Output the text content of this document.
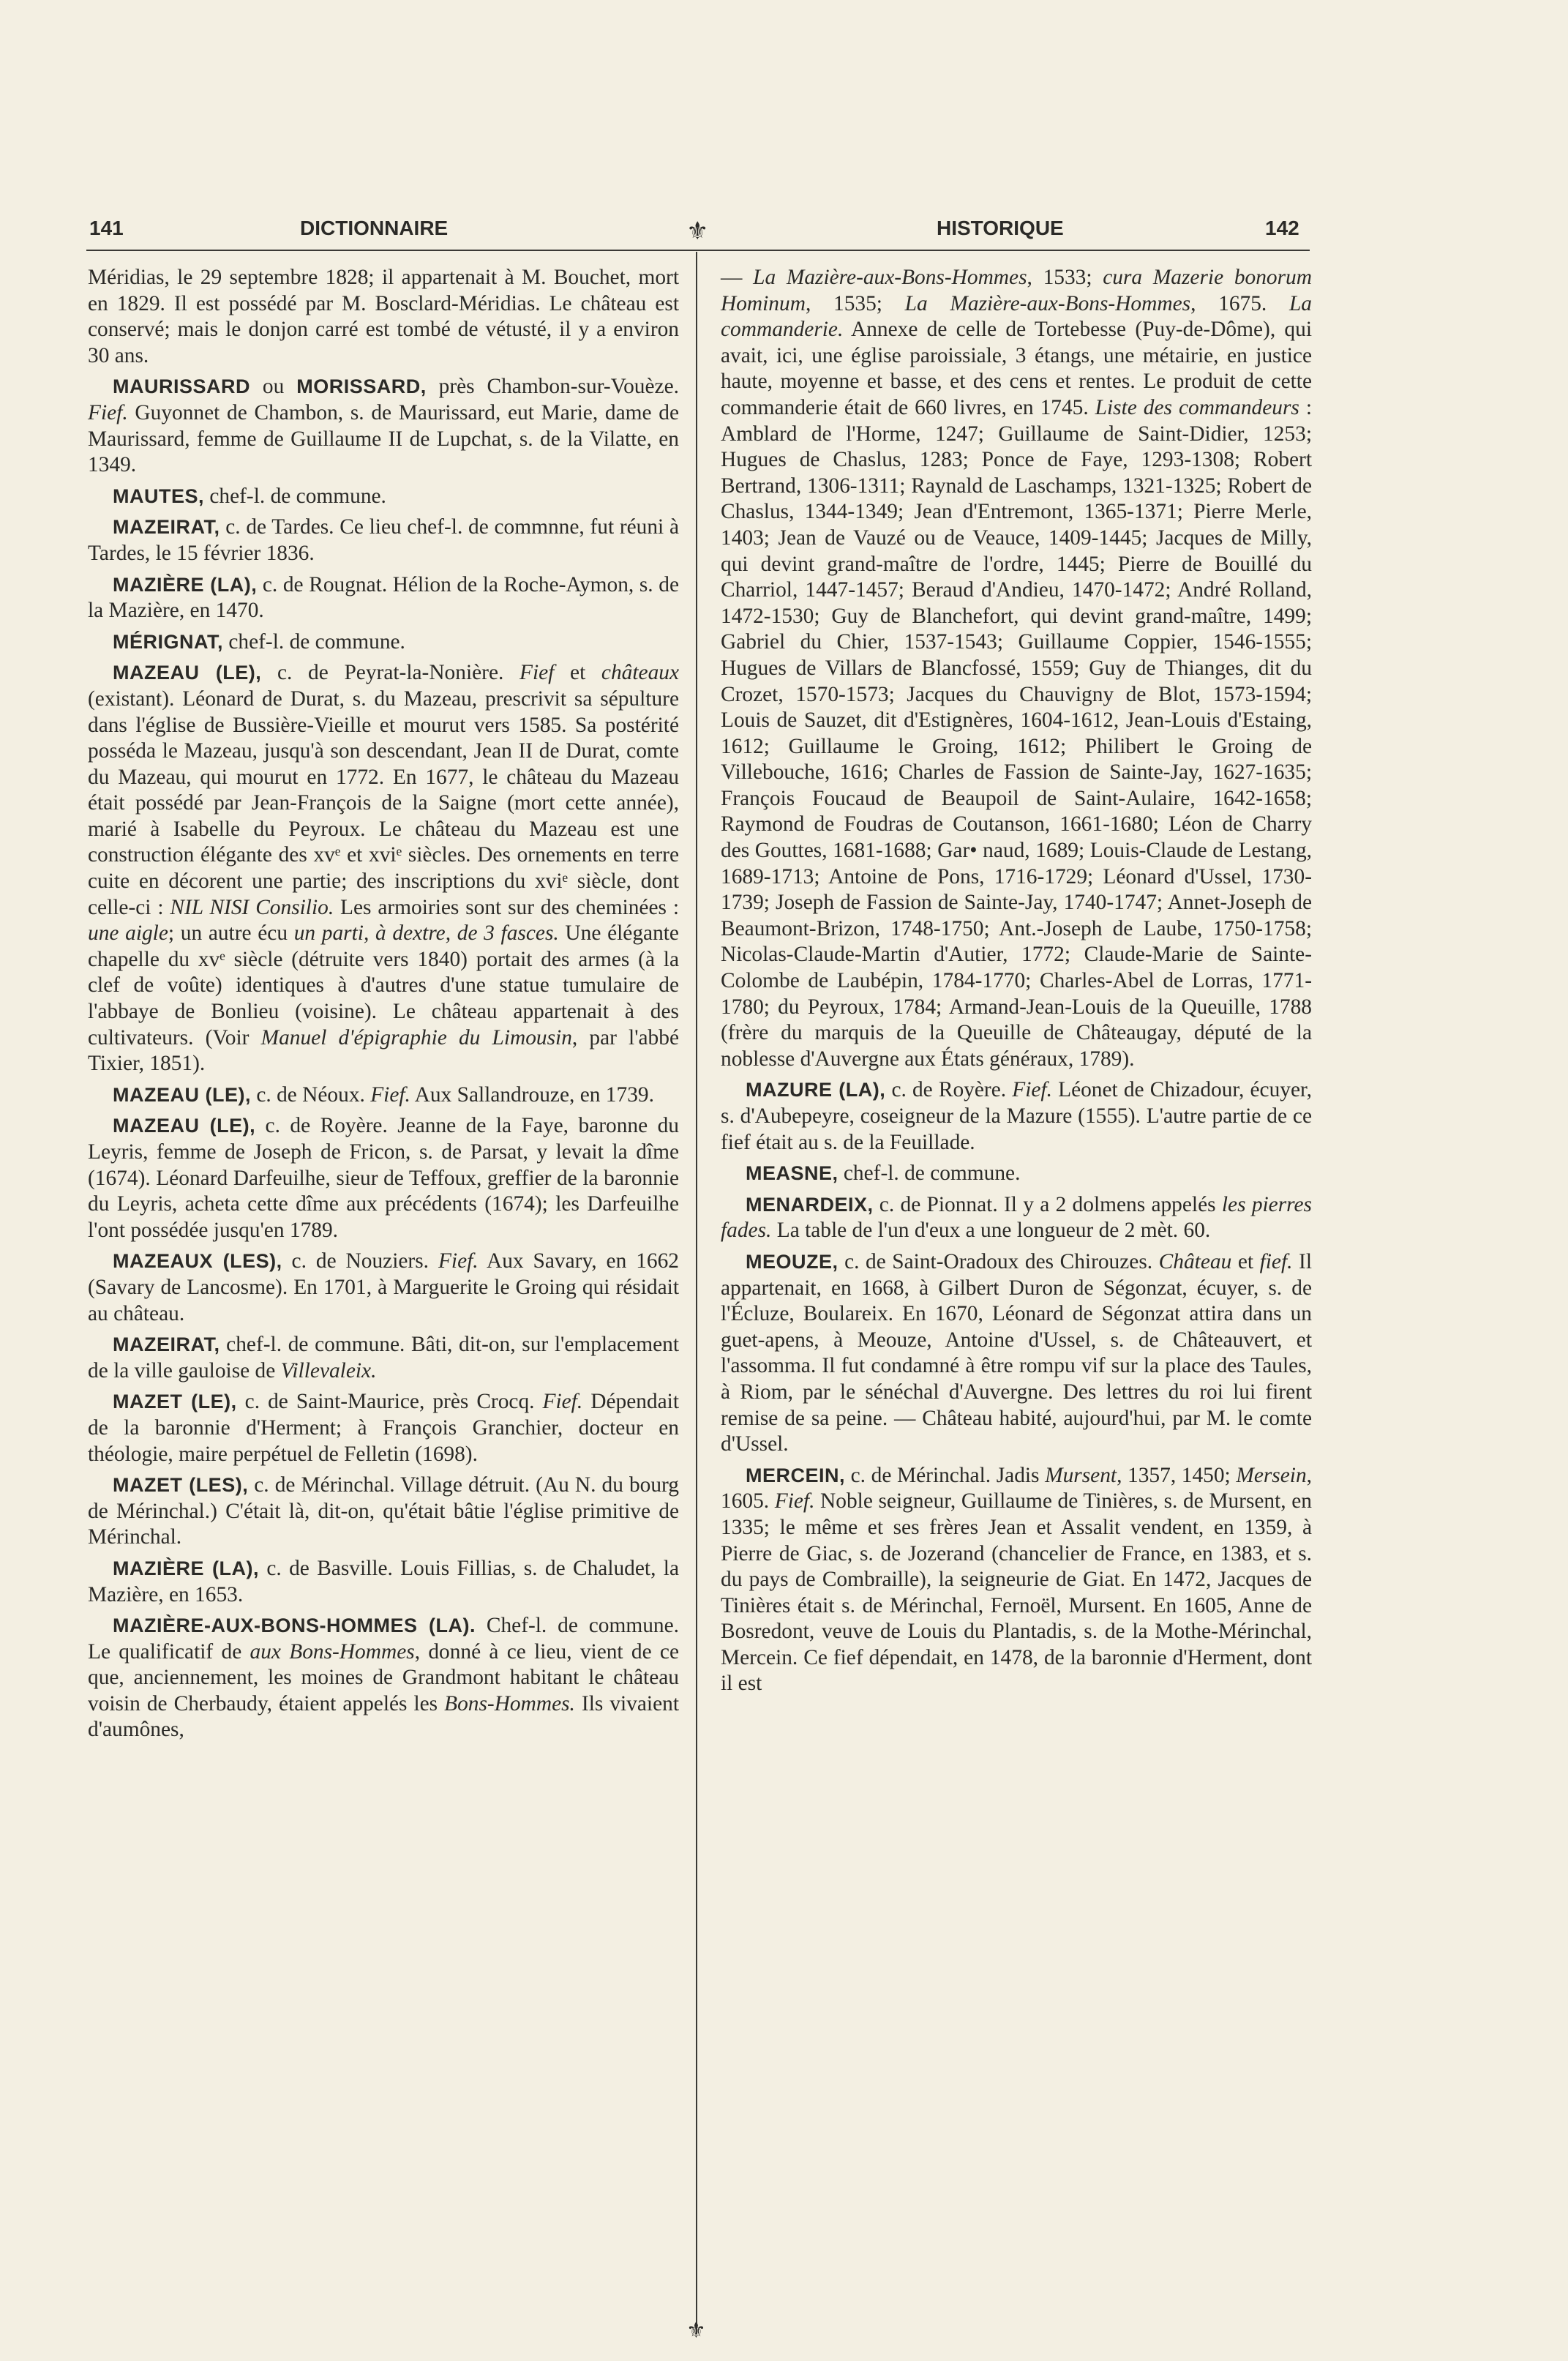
141	DICTIONNAIRE	HISTORIQUE	142
⚜
⚜

Méridias, le 29 septembre 1828; il appartenait à M. Bouchet, mort en 1829. Il est possédé par M. Bosclard-Méridias. Le château est conservé; mais le donjon carré est tombé de vétusté, il y a environ 30 ans.

MAURISSARD ou MORISSARD, près Chambon-sur-Vouèze. Fief. Guyonnet de Chambon, s. de Maurissard, eut Marie, dame de Maurissard, femme de Guillaume II de Lupchat, s. de la Vilatte, en 1349.

MAUTES, chef-l. de commune.

MAZEIRAT, c. de Tardes. Ce lieu chef-l. de commnne, fut réuni à Tardes, le 15 février 1836.

MAZIÈRE (LA), c. de Rougnat. Hélion de la Roche-Aymon, s. de la Mazière, en 1470.

MÉRIGNAT, chef-l. de commune.

MAZEAU (LE), c. de Peyrat-la-Nonière. Fief et châteaux (existant). Léonard de Durat, s. du Mazeau, prescrivit sa sépulture dans l'église de Bussière-Vieille et mourut vers 1585. Sa postérité posséda le Mazeau, jusqu'à son descendant, Jean II de Durat, comte du Mazeau, qui mourut en 1772. En 1677, le château du Mazeau était possédé par Jean-François de la Saigne (mort cette année), marié à Isabelle du Peyroux. Le château du Mazeau est une construction élégante des xvᵉ et xviᵉ siècles. Des ornements en terre cuite en décorent une partie; des inscriptions du xviᵉ siècle, dont celle-ci : NIL NISI Consilio. Les armoiries sont sur des cheminées : une aigle; un autre écu un parti, à dextre, de 3 fasces. Une élégante chapelle du xvᵉ siècle (détruite vers 1840) portait des armes (à la clef de voûte) identiques à d'autres d'une statue tumulaire de l'abbaye de Bonlieu (voisine). Le château appartenait à des cultivateurs. (Voir Manuel d'épigraphie du Limousin, par l'abbé Tixier, 1851).

MAZEAU (LE), c. de Néoux. Fief. Aux Sallandrouze, en 1739.

MAZEAU (LE), c. de Royère. Jeanne de la Faye, baronne du Leyris, femme de Joseph de Fricon, s. de Parsat, y levait la dîme (1674). Léonard Darfeuilhe, sieur de Teffoux, greffier de la baronnie du Leyris, acheta cette dîme aux précédents (1674); les Darfeuilhe l'ont possédée jusqu'en 1789.

MAZEAUX (LES), c. de Nouziers. Fief. Aux Savary, en 1662 (Savary de Lancosme). En 1701, à Marguerite le Groing qui résidait au château.

MAZEIRAT, chef-l. de commune. Bâti, dit-on, sur l'emplacement de la ville gauloise de Villevaleix.

MAZET (LE), c. de Saint-Maurice, près Crocq. Fief. Dépendait de la baronnie d'Herment; à François Granchier, docteur en théologie, maire perpétuel de Felletin (1698).

MAZET (LES), c. de Mérinchal. Village détruit. (Au N. du bourg de Mérinchal.) C'était là, dit-on, qu'était bâtie l'église primitive de Mérinchal.

MAZIÈRE (LA), c. de Basville. Louis Fillias, s. de Chaludet, la Mazière, en 1653.

MAZIÈRE-AUX-BONS-HOMMES (LA). Chef-l. de commune. Le qualificatif de aux Bons-Hommes, donné à ce lieu, vient de ce que, anciennement, les moines de Grandmont habitant le château voisin de Cherbaudy, étaient appelés les Bons-Hommes. Ils vivaient d'aumônes,

— La Mazière-aux-Bons-Hommes, 1533; cura Mazerie bonorum Hominum, 1535; La Mazière-aux-Bons-Hommes, 1675. La commanderie. Annexe de celle de Tortebesse (Puy-de-Dôme), qui avait, ici, une église paroissiale, 3 étangs, une métairie, en justice haute, moyenne et basse, et des cens et rentes. Le produit de cette commanderie était de 660 livres, en 1745. Liste des commandeurs : Amblard de l'Horme, 1247; Guillaume de Saint-Didier, 1253; Hugues de Chaslus, 1283; Ponce de Faye, 1293-1308; Robert Bertrand, 1306-1311; Raynald de Laschamps, 1321-1325; Robert de Chaslus, 1344-1349; Jean d'Entremont, 1365-1371; Pierre Merle, 1403; Jean de Vauzé ou de Veauce, 1409-1445; Jacques de Milly, qui devint grand-maître de l'ordre, 1445; Pierre de Bouillé du Charriol, 1447-1457; Beraud d'Andieu, 1470-1472; André Rolland, 1472-1530; Guy de Blanchefort, qui devint grand-maître, 1499; Gabriel du Chier, 1537-1543; Guillaume Coppier, 1546-1555; Hugues de Villars de Blancfossé, 1559; Guy de Thianges, dit du Crozet, 1570-1573; Jacques du Chauvigny de Blot, 1573-1594; Louis de Sauzet, dit d'Estignères, 1604-1612, Jean-Louis d'Estaing, 1612; Guillaume le Groing, 1612; Philibert le Groing de Villebouche, 1616; Charles de Fassion de Sainte-Jay, 1627-1635; François Foucaud de Beaupoil de Saint-Aulaire, 1642-1658; Raymond de Foudras de Coutanson, 1661-1680; Léon de Charry des Gouttes, 1681-1688; Gar• naud, 1689; Louis-Claude de Lestang, 1689-1713; Antoine de Pons, 1716-1729; Léonard d'Ussel, 1730-1739; Joseph de Fassion de Sainte-Jay, 1740-1747; Annet-Joseph de Beaumont-Brizon, 1748-1750; Ant.-Joseph de Laube, 1750-1758; Nicolas-Claude-Martin d'Autier, 1772; Claude-Marie de Sainte-Colombe de Laubépin, 1784-1770; Charles-Abel de Lorras, 1771-1780; du Peyroux, 1784; Armand-Jean-Louis de la Queuille, 1788 (frère du marquis de la Queuille de Châteaugay, député de la noblesse d'Auvergne aux États généraux, 1789).

MAZURE (LA), c. de Royère. Fief. Léonet de Chizadour, écuyer, s. d'Aubepeyre, coseigneur de la Mazure (1555). L'autre partie de ce fief était au s. de la Feuillade.

MEASNE, chef-l. de commune.

MENARDEIX, c. de Pionnat. Il y a 2 dolmens appelés les pierres fades. La table de l'un d'eux a une longueur de 2 mèt. 60.

MEOUZE, c. de Saint-Oradoux des Chirouzes. Château et fief. Il appartenait, en 1668, à Gilbert Duron de Ségonzat, écuyer, s. de l'Écluze, Boulareix. En 1670, Léonard de Ségonzat attira dans un guet-apens, à Meouze, Antoine d'Ussel, s. de Châteauvert, et l'assomma. Il fut condamné à être rompu vif sur la place des Taules, à Riom, par le sénéchal d'Auvergne. Des lettres du roi lui firent remise de sa peine. — Château habité, aujourd'hui, par M. le comte d'Ussel.

MERCEIN, c. de Mérinchal. Jadis Mursent, 1357, 1450; Mersein, 1605. Fief. Noble seigneur, Guillaume de Tinières, s. de Mursent, en 1335; le même et ses frères Jean et Assalit vendent, en 1359, à Pierre de Giac, s. de Jozerand (chancelier de France, en 1383, et s. du pays de Combraille), la seigneurie de Giat. En 1472, Jacques de Tinières était s. de Mérinchal, Fernoël, Mursent. En 1605, Anne de Bosredont, veuve de Louis du Plantadis, s. de la Mothe-Mérinchal, Mercein. Ce fief dépendait, en 1478, de la baronnie d'Herment, dont il est
